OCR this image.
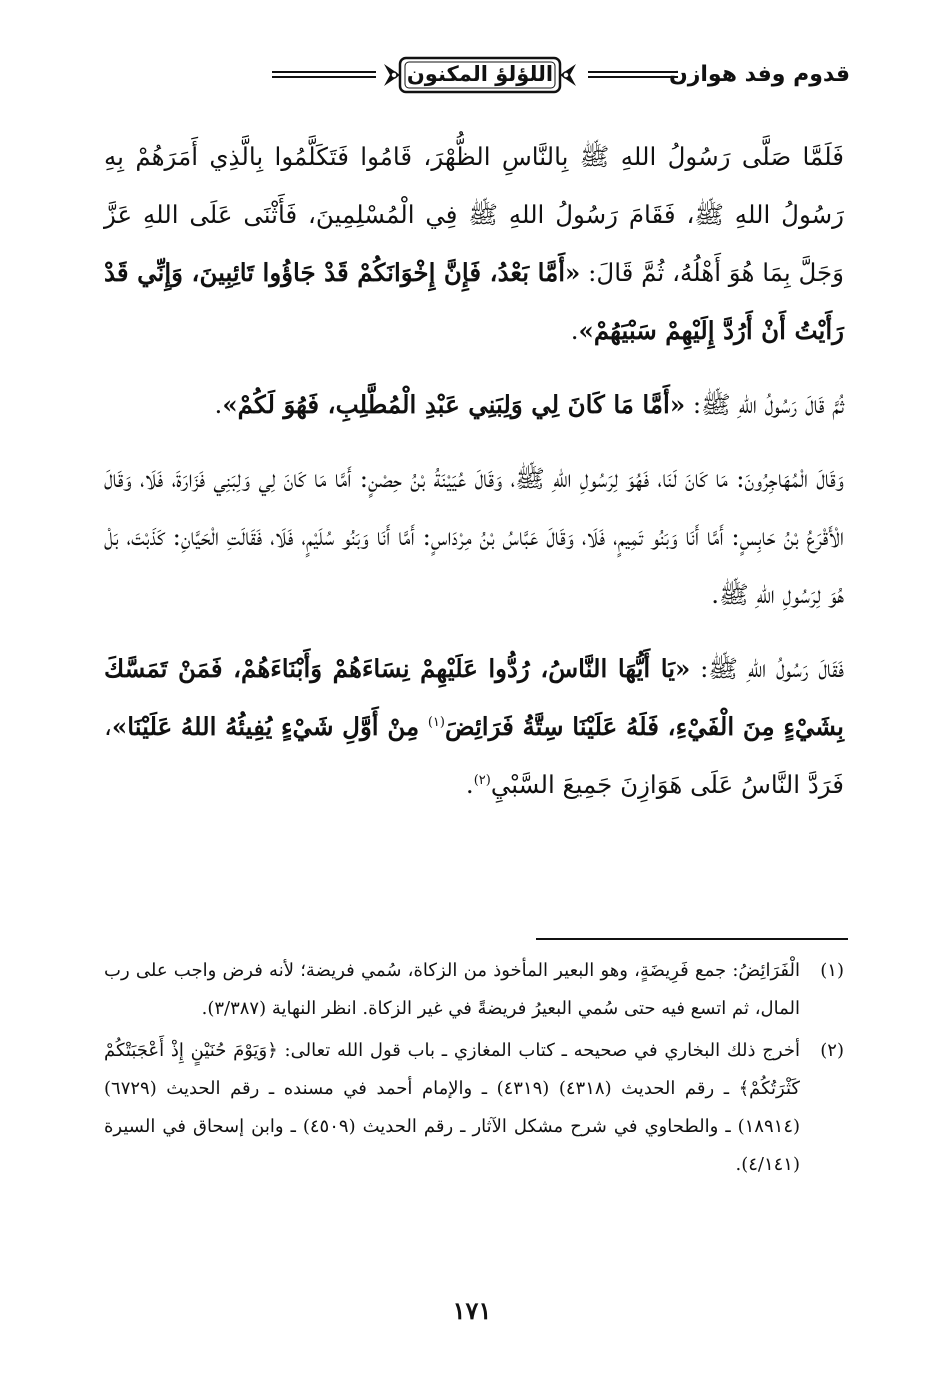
قدوم وفد هوازن
اللؤلؤ المكنون

فَلَمَّا صَلَّى رَسُولُ اللهِ ﷺ بِالنَّاسِ الظُّهْرَ، قَامُوا فَتَكَلَّمُوا بِالَّذِي أَمَرَهُمْ بِهِ رَسُولُ اللهِ ﷺ، فَقَامَ رَسُولُ اللهِ ﷺ فِي الْمُسْلِمِينَ، فَأَثْنَى عَلَى اللهِ عَزَّ وَجَلَّ بِمَا هُوَ أَهْلُهُ، ثُمَّ قَالَ: «أَمَّا بَعْدُ، فَإِنَّ إِخْوَانَكُمْ قَدْ جَاؤُوا تَائِبِينَ، وَإِنِّي قَدْ رَأَيْتُ أَنْ أَرُدَّ إِلَيْهِمْ سَبْيَهُمْ».

ثُمَّ قَالَ رَسُولُ اللهِ ﷺ: «أَمَّا مَا كَانَ لِي وَلِبَنِي عَبْدِ الْمُطَّلِبِ، فَهُوَ لَكُمْ».

وَقَالَ الْمُهَاجِرُونَ: مَا كَانَ لَنَا، فَهُوَ لِرَسُولِ اللهِ ﷺ، وَقَالَ عُيَيْنَةُ بْنُ حِصْنٍ: أَمَّا مَا كَانَ لِي وَلِبَنِي فَزَارَةَ، فَلَا، وَقَالَ الْأَقْرَعُ بْنُ حَابِسٍ: أَمَّا أَنَا وَبَنُو تَمِيمٍ، فَلَا، وَقَالَ عَبَّاسُ بْنُ مِرْدَاسٍ: أَمَّا أَنَا وَبَنُو سُلَيْمٍ، فَلَا، فَقَالَتِ الْحَيَّانِ: كَذَبْتَ، بَلْ هُوَ لِرَسُولِ اللهِ ﷺ.

فَقَالَ رَسُولُ اللهِ ﷺ: «يَا أَيُّهَا النَّاسُ، رُدُّوا عَلَيْهِمْ نِسَاءَهُمْ وَأَبْنَاءَهُمْ، فَمَنْ تَمَسَّكَ بِشَيْءٍ مِنَ الْفَيْءِ، فَلَهُ عَلَيْنَا سِتَّةُ فَرَائِضَ$^{(١)}$ مِنْ أَوَّلِ شَيْءٍ يُفِيئُهُ اللهُ عَلَيْنَا»، فَرَدَّ النَّاسُ عَلَى هَوَازِنَ جَمِيعَ السَّبْيِ$^{(٢)}$.

(١)
الْفَرَائِضُ: جمع فَرِيضَةٍ، وهو البعير المأخوذ من الزكاة، سُمي فريضة؛ لأنه فرض واجب على رب المال، ثم اتسع فيه حتى سُمي البعيرُ فريضةً في غير الزكاة. انظر النهاية (٣/٣٨٧).
(٢)
أخرج ذلك البخاري في صحيحه ـ كتاب المغازي ـ باب قول الله تعالى: ﴿وَيَوْمَ حُنَيْنٍ إِذْ أَعْجَبَتْكُمْ كَثْرَتُكُمْ﴾ ـ رقم الحديث (٤٣١٨) (٤٣١٩) ـ والإمام أحمد في مسنده ـ رقم الحديث (٦٧٢٩) (١٨٩١٤) ـ والطحاوي في شرح مشكل الآثار ـ رقم الحديث (٤٥٠٩) ـ وابن إسحاق في السيرة (٤/١٤١).
١٧١
